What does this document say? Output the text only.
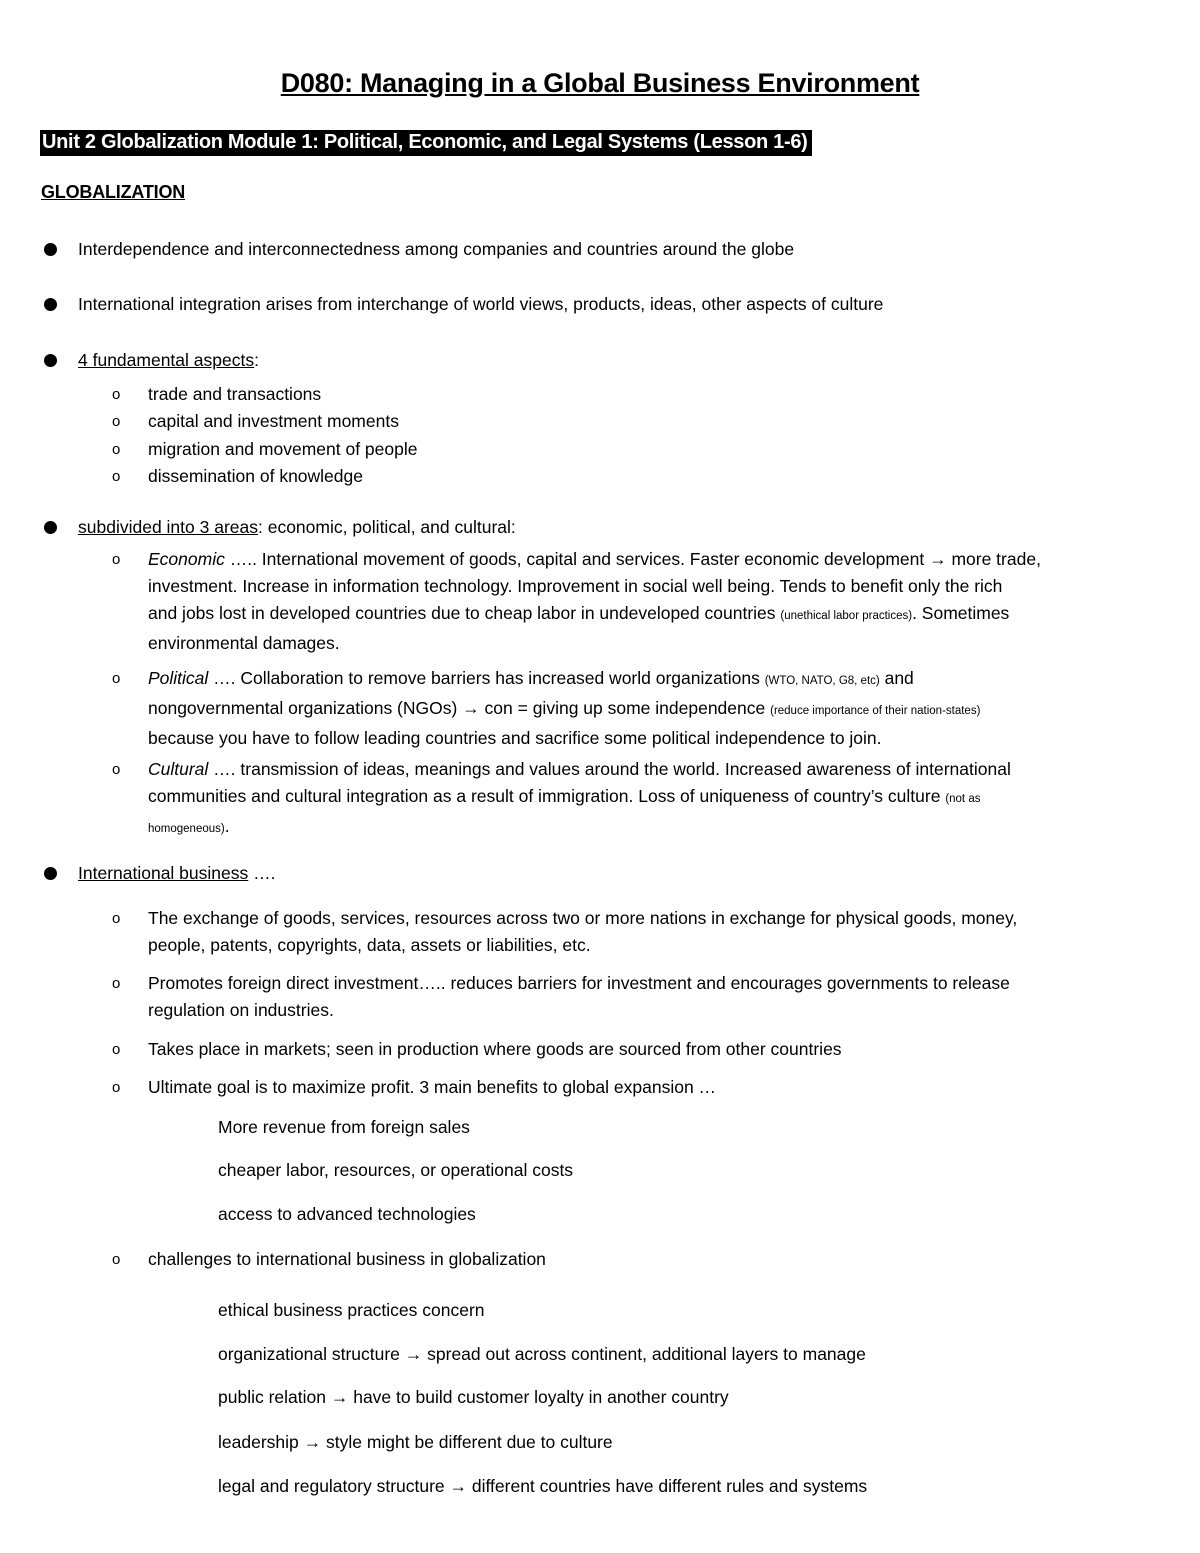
D080: Managing in a Global Business Environment
Unit 2 Globalization Module 1: Political, Economic, and Legal Systems (Lesson 1-6)
GLOBALIZATION
Interdependence and interconnectedness among companies and countries around the globe
International integration arises from interchange of world views, products, ideas, other aspects of culture
4 fundamental aspects:
o trade and transactions
o capital and investment moments
o migration and movement of people
o dissemination of knowledge
subdivided into 3 areas: economic, political, and cultural:
o Economic ….. International movement of goods, capital and services. Faster economic development → more trade,
investment. Increase in information technology. Improvement in social well being. Tends to benefit only the rich
and jobs lost in developed countries due to cheap labor in undeveloped countries (unethical labor practices). Sometimes
environmental damages.
o Political …. Collaboration to remove barriers has increased world organizations (WTO, NATO, G8, etc) and
nongovernmental organizations (NGOs) → con = giving up some independence (reduce importance of their nation-states)
because you have to follow leading countries and sacrifice some political independence to join.
o Cultural …. transmission of ideas, meanings and values around the world. Increased awareness of international
communities and cultural integration as a result of immigration. Loss of uniqueness of country’s culture (not as
homogeneous).
International business ….
o The exchange of goods, services, resources across two or more nations in exchange for physical goods, money,
people, patents, copyrights, data, assets or liabilities, etc.
o Promotes foreign direct investment….. reduces barriers for investment and encourages governments to release
regulation on industries.
o Takes place in markets; seen in production where goods are sourced from other countries
o Ultimate goal is to maximize profit. 3 main benefits to global expansion …
More revenue from foreign sales
cheaper labor, resources, or operational costs
access to advanced technologies
o challenges to international business in globalization
ethical business practices concern
organizational structure → spread out across continent, additional layers to manage
public relation → have to build customer loyalty in another country
leadership → style might be different due to culture
legal and regulatory structure → different countries have different rules and systems
